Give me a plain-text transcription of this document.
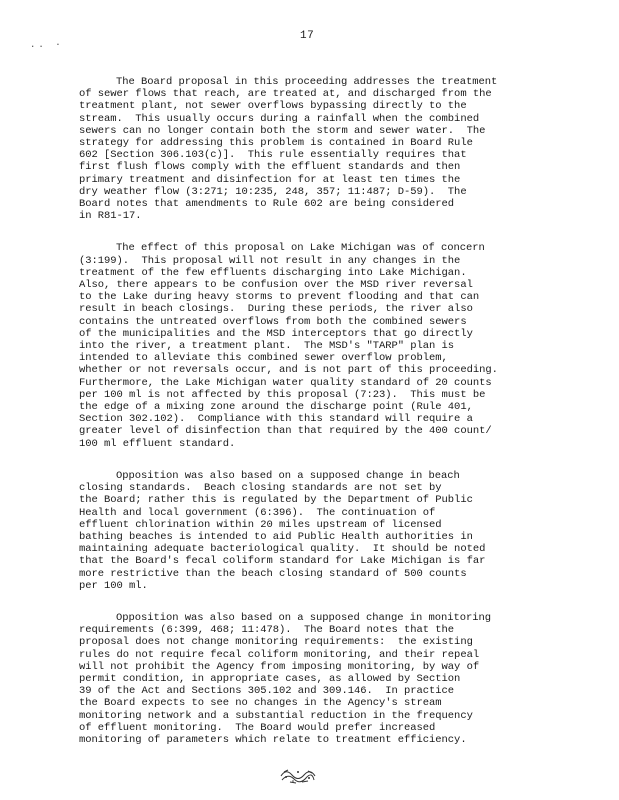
.. ·
17

The Board proposal in this proceeding addresses the treatment
of sewer flows that reach, are treated at, and discharged from the
treatment plant, not sewer overflows bypassing directly to the
stream.  This usually occurs during a rainfall when the combined
sewers can no longer contain both the storm and sewer water.  The
strategy for addressing this problem is contained in Board Rule
602 [Section 306.103(c)].  This rule essentially requires that
first flush flows comply with the effluent standards and then
primary treatment and disinfection for at least ten times the
dry weather flow (3:271; 10:235, 248, 357; 11:487; D-59).  The
Board notes that amendments to Rule 602 are being considered
in R81-17.

The effect of this proposal on Lake Michigan was of concern
(3:199).  This proposal will not result in any changes in the
treatment of the few effluents discharging into Lake Michigan.
Also, there appears to be confusion over the MSD river reversal
to the Lake during heavy storms to prevent flooding and that can
result in beach closings.  During these periods, the river also
contains the untreated overflows from both the combined sewers
of the municipalities and the MSD interceptors that go directly
into the river, a treatment plant.  The MSD's "TARP" plan is
intended to alleviate this combined sewer overflow problem,
whether or not reversals occur, and is not part of this proceeding.
Furthermore, the Lake Michigan water quality standard of 20 counts
per 100 ml is not affected by this proposal (7:23).  This must be
the edge of a mixing zone around the discharge point (Rule 401,
Section 302.102).  Compliance with this standard will require a
greater level of disinfection than that required by the 400 count/
100 ml effluent standard.

Opposition was also based on a supposed change in beach
closing standards.  Beach closing standards are not set by
the Board; rather this is regulated by the Department of Public
Health and local government (6:396).  The continuation of
effluent chlorination within 20 miles upstream of licensed
bathing beaches is intended to aid Public Health authorities in
maintaining adequate bacteriological quality.  It should be noted
that the Board's fecal coliform standard for Lake Michigan is far
more restrictive than the beach closing standard of 500 counts
per 100 ml.

Opposition was also based on a supposed change in monitoring
requirements (6:399, 468; 11:478).  The Board notes that the
proposal does not change monitoring requirements:  the existing
rules do not require fecal coliform monitoring, and their repeal
will not prohibit the Agency from imposing monitoring, by way of
permit condition, in appropriate cases, as allowed by Section
39 of the Act and Sections 305.102 and 309.146.  In practice
the Board expects to see no changes in the Agency's stream
monitoring network and a substantial reduction in the frequency
of effluent monitoring.  The Board would prefer increased
monitoring of parameters which relate to treatment efficiency.
